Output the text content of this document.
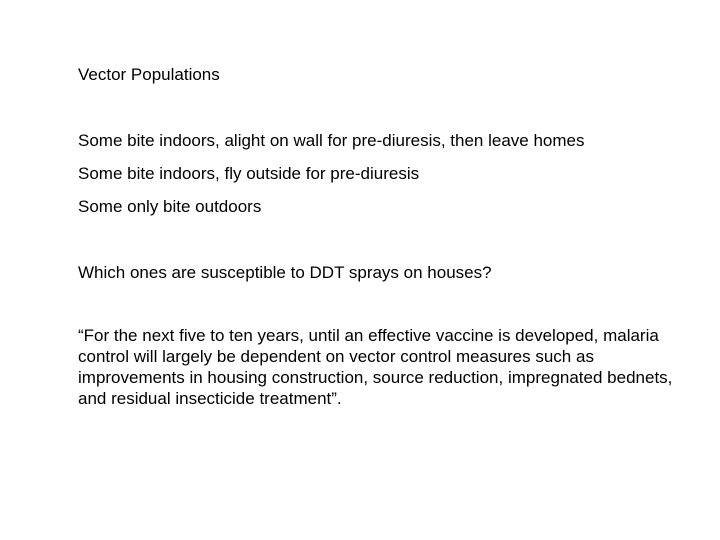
Vector Populations

Some bite indoors, alight on wall for pre-diuresis, then leave homes

Some bite indoors, fly outside for pre-diuresis

Some only bite outdoors

Which ones are susceptible to DDT sprays on houses?

“For the next five to ten years, until an effective vaccine is developed, malaria control will largely be dependent on vector control measures such as improvements in housing construction, source reduction, impregnated bednets, and residual insecticide treatment”.
